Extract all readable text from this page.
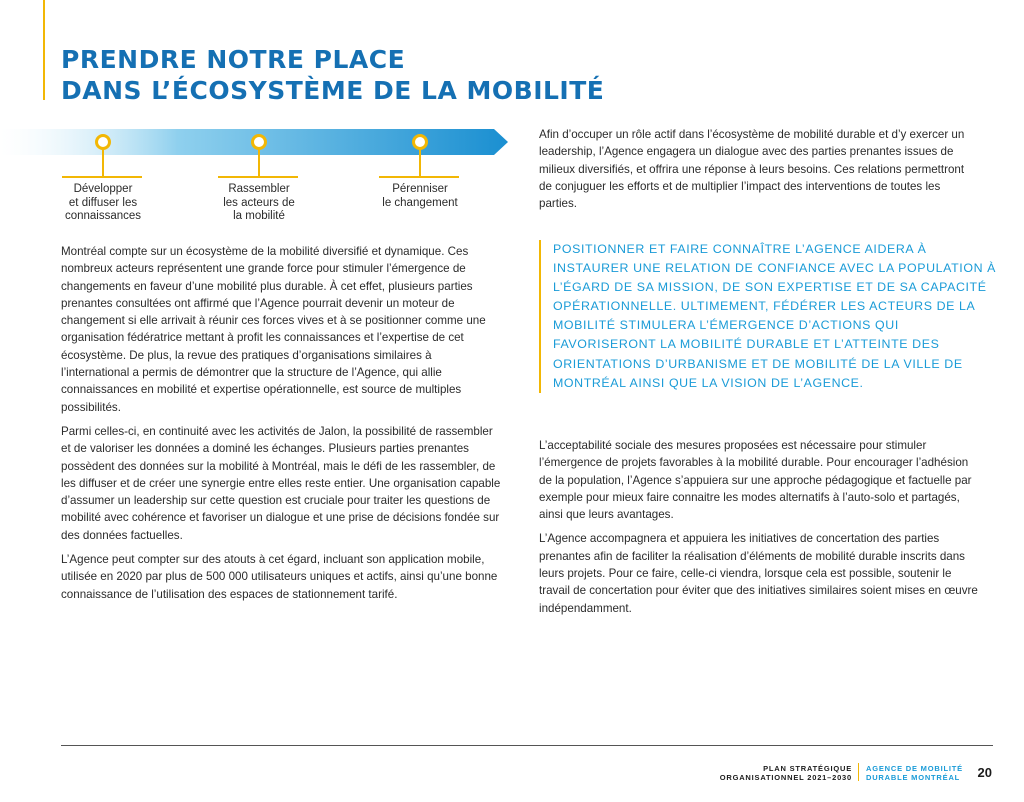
PRENDRE NOTRE PLACE
DANS L’ÉCOSYSTÈME DE LA MOBILITÉ
Développer
et diffuser les
connaissances
Rassembler
les acteurs de
la mobilité
Pérenniser
le changement

Montréal compte sur un écosystème de la mobilité diversifié et dynamique. Ces nombreux acteurs représentent une grande force pour stimuler l’émergence de changements en faveur d’une mobilité plus durable. À cet effet, plusieurs parties prenantes consultées ont affirmé que l’Agence pourrait devenir un moteur de changement si elle arrivait à réunir ces forces vives et à se positionner comme une organisation fédératrice mettant à profit les connaissances et l’expertise de cet écosystème. De plus, la revue des pratiques d’organisations similaires à l’international a permis de démontrer que la structure de l’Agence, qui allie connaissances en mobilité et expertise opérationnelle, est source de multiples possibilités.

Parmi celles-ci, en continuité avec les activités de Jalon, la possibilité de rassembler et de valoriser les données a dominé les échanges. Plusieurs parties prenantes possèdent des données sur la mobilité à Montréal, mais le défi de les rassembler, de les diffuser et de créer une synergie entre elles reste entier. Une organisation capable d’assumer un leadership sur cette question est cruciale pour traiter les questions de mobilité avec cohérence et favoriser un dialogue et une prise de décisions fondée sur des données factuelles.

L’Agence peut compter sur des atouts à cet égard, incluant son application mobile, utilisée en 2020 par plus de 500 000 utilisateurs uniques et actifs, ainsi qu’une bonne connaissance de l’utilisation des espaces de stationnement tarifé.

Afin d’occuper un rôle actif dans l’écosystème de mobilité durable et d’y exercer un leadership, l’Agence engagera un dialogue avec des parties prenantes issues de milieux diversifiés, et offrira une réponse à leurs besoins. Ces relations permettront de conjuguer les efforts et de multiplier l’impact des interventions de toutes les parties.

POSITIONNER ET FAIRE CONNAÎTRE L’AGENCE AIDERA À INSTAURER UNE RELATION DE CONFIANCE AVEC LA POPULATION À L’ÉGARD DE SA MISSION, DE SON EXPERTISE ET DE SA CAPACITÉ OPÉRATIONNELLE. ULTIMEMENT, FÉDÉRER LES ACTEURS DE LA MOBILITÉ STIMULERA L’ÉMERGENCE D’ACTIONS QUI FAVORISERONT LA MOBILITÉ DURABLE ET L’ATTEINTE DES ORIENTATIONS D’URBANISME ET DE MOBILITÉ DE LA VILLE DE MONTRÉAL AINSI QUE LA VISION DE L’AGENCE.

L’acceptabilité sociale des mesures proposées est nécessaire pour stimuler l’émergence de projets favorables à la mobilité durable. Pour encourager l’adhésion de la population, l’Agence s’appuiera sur une approche pédagogique et factuelle par exemple pour mieux faire connaitre les modes alternatifs à l’auto-solo et partagés, ainsi que leurs avantages.

L’Agence accompagnera et appuiera les initiatives de concertation des parties prenantes afin de faciliter la réalisation d’éléments de mobilité durable inscrits dans leurs projets. Pour ce faire, celle-ci viendra, lorsque cela est possible, soutenir le travail de concertation pour éviter que des initiatives similaires soient mises en œuvre indépendamment.

PLAN STRATÉGIQUE
ORGANISATIONNEL 2021–2030
AGENCE DE MOBILITÉ
DURABLE MONTRÉAL 20
